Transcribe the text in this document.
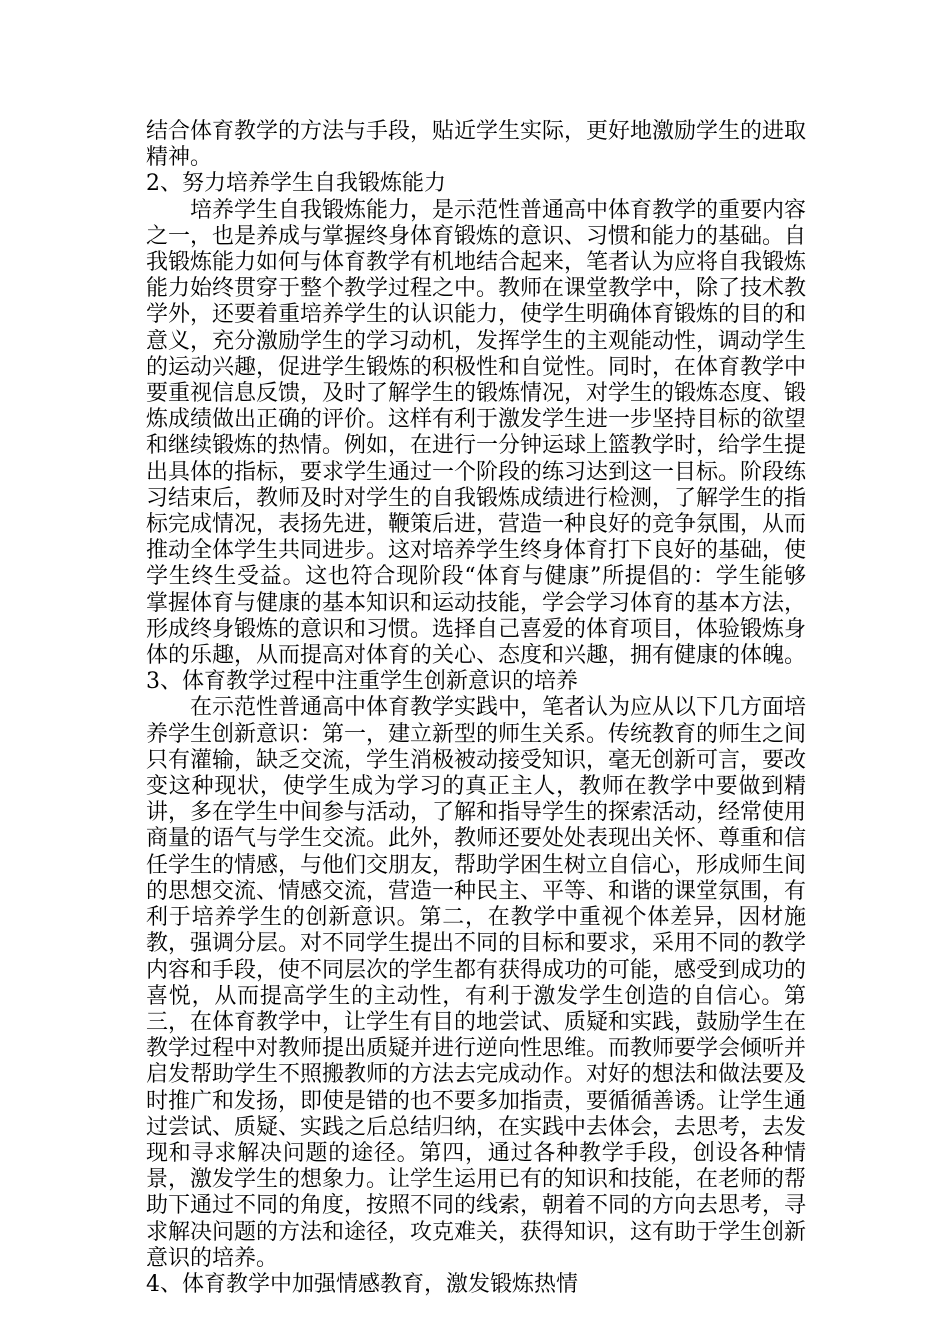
结合体育教学的方法与手段，贴近学生实际，更好地激励学生的进取精神。

2、努力培养学生自我锻炼能力

培养学生自我锻炼能力，是示范性普通高中体育教学的重要内容之一，也是养成与掌握终身体育锻炼的意识、习惯和能力的基础。自我锻炼能力如何与体育教学有机地结合起来，笔者认为应将自我锻炼能力始终贯穿于整个教学过程之中。教师在课堂教学中，除了技术教学外，还要着重培养学生的认识能力，使学生明确体育锻炼的目的和意义，充分激励学生的学习动机，发挥学生的主观能动性，调动学生的运动兴趣，促进学生锻炼的积极性和自觉性。同时，在体育教学中要重视信息反馈，及时了解学生的锻炼情况，对学生的锻炼态度、锻炼成绩做出正确的评价。这样有利于激发学生进一步坚持目标的欲望和继续锻炼的热情。例如，在进行一分钟运球上篮教学时，给学生提出具体的指标，要求学生通过一个阶段的练习达到这一目标。阶段练习结束后，教师及时对学生的自我锻炼成绩进行检测，了解学生的指标完成情况，表扬先进，鞭策后进，营造一种良好的竞争氛围，从而推动全体学生共同进步。这对培养学生终身体育打下良好的基础，使学生终生受益。这也符合现阶段“体育与健康”所提倡的：学生能够掌握体育与健康的基本知识和运动技能，学会学习体育的基本方法，形成终身锻炼的意识和习惯。选择自己喜爱的体育项目，体验锻炼身体的乐趣，从而提高对体育的关心、态度和兴趣，拥有健康的体魄。

3、体育教学过程中注重学生创新意识的培养

在示范性普通高中体育教学实践中，笔者认为应从以下几方面培养学生创新意识：第一，建立新型的师生关系。传统教育的师生之间只有灌输，缺乏交流，学生消极被动接受知识，毫无创新可言，要改变这种现状，使学生成为学习的真正主人，教师在教学中要做到精讲，多在学生中间参与活动，了解和指导学生的探索活动，经常使用商量的语气与学生交流。此外，教师还要处处表现出关怀、尊重和信任学生的情感，与他们交朋友，帮助学困生树立自信心，形成师生间的思想交流、情感交流，营造一种民主、平等、和谐的课堂氛围，有利于培养学生的创新意识。第二，在教学中重视个体差异，因材施教，强调分层。对不同学生提出不同的目标和要求，采用不同的教学内容和手段，使不同层次的学生都有获得成功的可能，感受到成功的喜悦，从而提高学生的主动性，有利于激发学生创造的自信心。第三，在体育教学中，让学生有目的地尝试、质疑和实践，鼓励学生在教学过程中对教师提出质疑并进行逆向性思维。而教师要学会倾听并启发帮助学生不照搬教师的方法去完成动作。对好的想法和做法要及时推广和发扬，即使是错的也不要多加指责，要循循善诱。让学生通过尝试、质疑、实践之后总结归纳，在实践中去体会，去思考，去发现和寻求解决问题的途径。第四，通过各种教学手段，创设各种情景，激发学生的想象力。让学生运用已有的知识和技能，在老师的帮助下通过不同的角度，按照不同的线索，朝着不同的方向去思考，寻求解决问题的方法和途径，攻克难关，获得知识，这有助于学生创新意识的培养。

4、体育教学中加强情感教育，激发锻炼热情
